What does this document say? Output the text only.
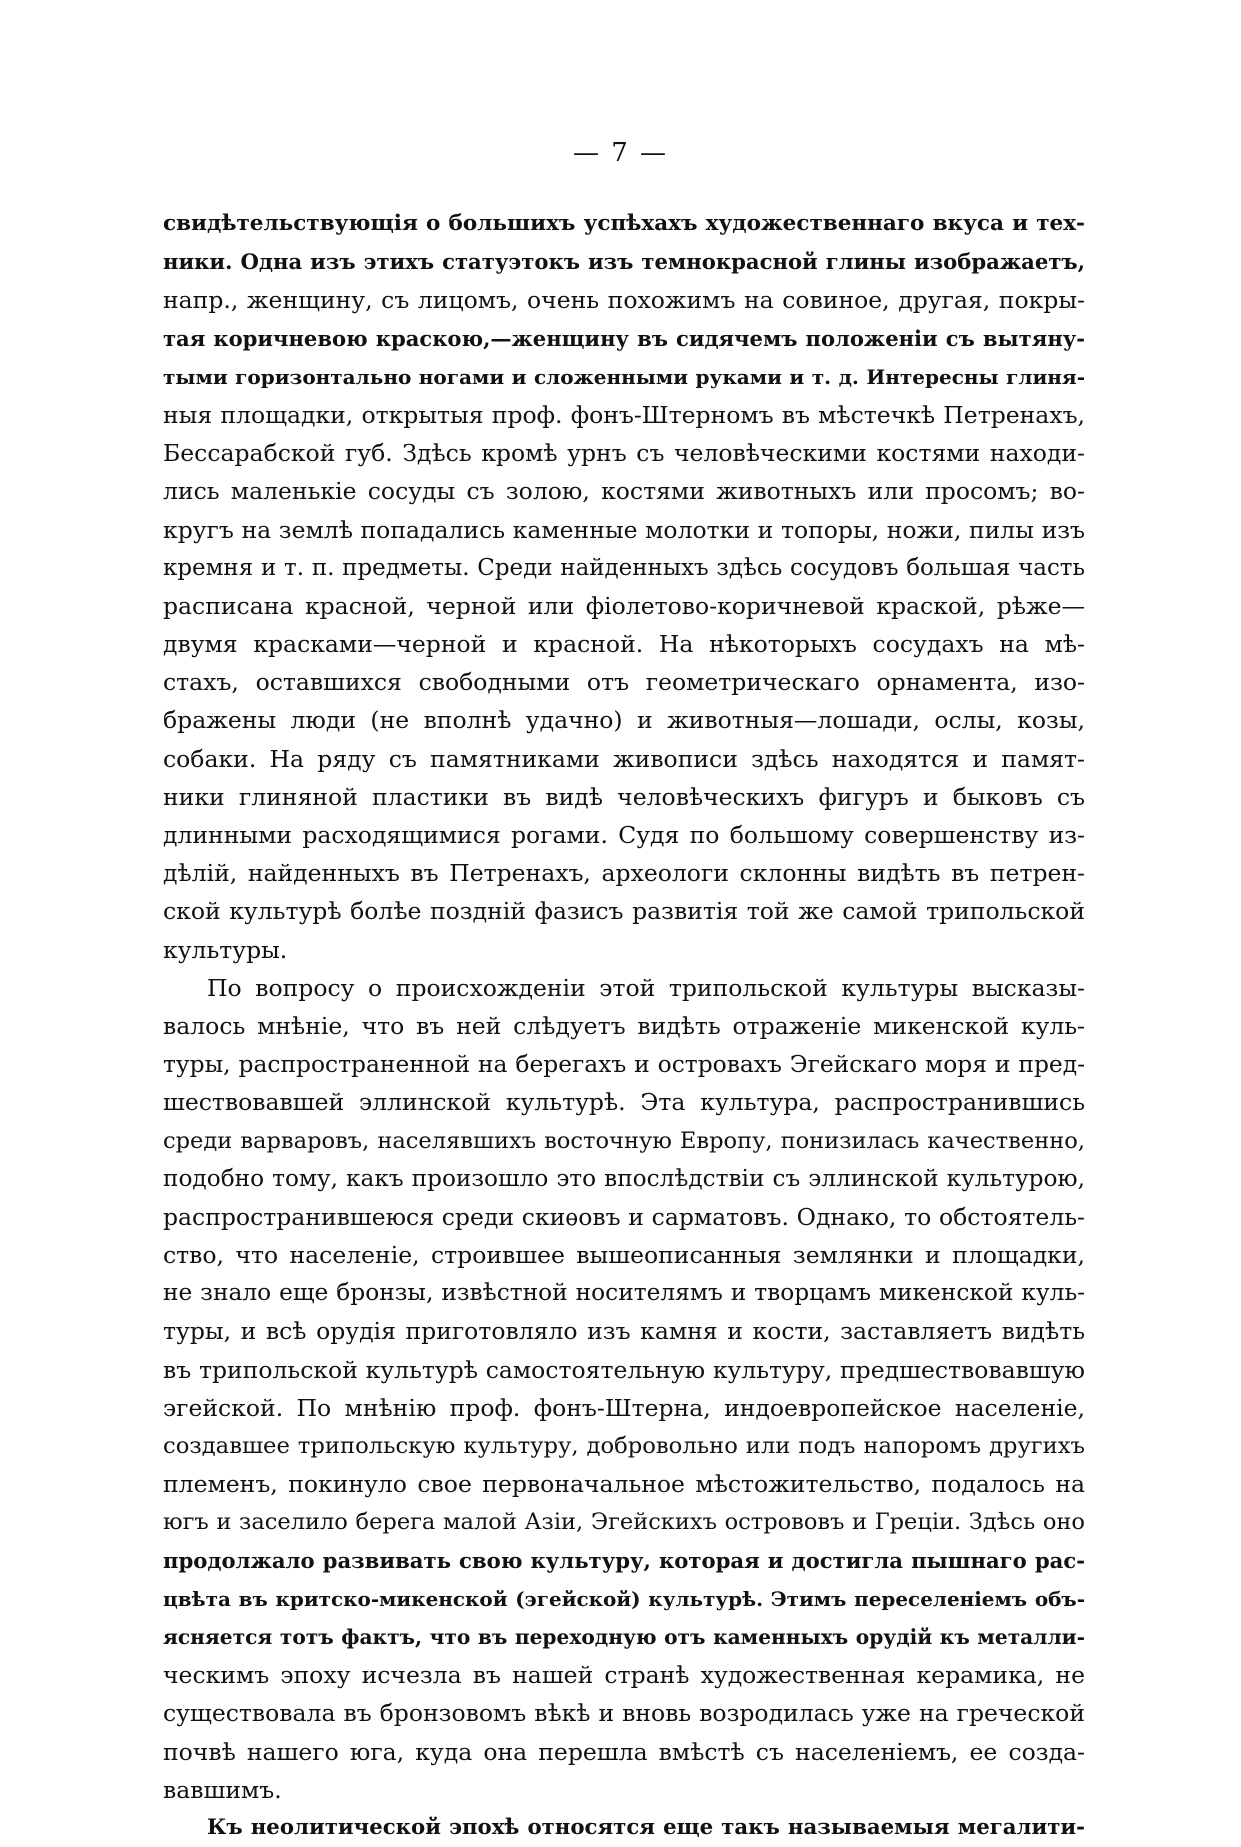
— 7 —
свидѣтельствующія о большихъ успѣхахъ художественнаго вкуса и тех-
ники. Одна изъ этихъ статуэтокъ изъ темнокрасной глины изображаетъ,
напр., женщину, съ лицомъ, очень похожимъ на совиное, другая, покры-
тая коричневою краскою,—женщину въ сидячемъ положеніи съ вытяну-
тыми горизонтально ногами и сложенными руками и т. д. Интересны глиня-
ныя площадки, открытыя проф. фонъ-Штерномъ въ мѣстечкѣ Петренахъ,
Бессарабской губ. Здѣсь кромѣ урнъ съ человѣческими костями находи-
лись маленькіе сосуды съ золою, костями животныхъ или просомъ; во-
кругъ на землѣ попадались каменные молотки и топоры, ножи, пилы изъ
кремня и т. п. предметы. Среди найденныхъ здѣсь сосудовъ большая часть
расписана красной, черной или фіолетово-коричневой краской, рѣже—
двумя красками—черной и красной. На нѣкоторыхъ сосудахъ на мѣ-
стахъ, оставшихся свободными отъ геометрическаго орнамента, изо-
бражены люди (не вполнѣ удачно) и животныя—лошади, ослы, козы,
собаки. На ряду съ памятниками живописи здѣсь находятся и памят-
ники глиняной пластики въ видѣ человѣческихъ фигуръ и быковъ съ
длинными расходящимися рогами. Судя по большому совершенству из-
дѣлій, найденныхъ въ Петренахъ, археологи склонны видѣть въ петрен-
ской культурѣ болѣе поздній фазисъ развитія той же самой трипольской
культуры.
По вопросу о происхожденіи этой трипольской культуры высказы-
валось мнѣніе, что въ ней слѣдуетъ видѣть отраженіе микенской куль-
туры, распространенной на берегахъ и островахъ Эгейскаго моря и пред-
шествовавшей эллинской культурѣ. Эта культура, распространившись
среди варваровъ, населявшихъ восточную Европу, понизилась качественно,
подобно тому, какъ произошло это впослѣдствіи съ эллинской культурою,
распространившеюся среди скиѳовъ и сарматовъ. Однако, то обстоятель-
ство, что населеніе, строившее вышеописанныя землянки и площадки,
не знало еще бронзы, извѣстной носителямъ и творцамъ микенской куль-
туры, и всѣ орудія приготовляло изъ камня и кости, заставляетъ видѣть
въ трипольской культурѣ самостоятельную культуру, предшествовавшую
эгейской. По мнѣнію проф. фонъ-Штерна, индоевропейское населеніе,
создавшее трипольскую культуру, добровольно или подъ напоромъ другихъ
племенъ, покинуло свое первоначальное мѣстожительство, подалось на
югъ и заселило берега малой Азіи, Эгейскихъ острововъ и Греціи. Здѣсь оно
продолжало развивать свою культуру, которая и достигла пышнаго рас-
цвѣта въ критско-микенской (эгейской) культурѣ. Этимъ переселеніемъ объ-
ясняется тотъ фактъ, что въ переходную отъ каменныхъ орудій къ металли-
ческимъ эпоху исчезла въ нашей странѣ художественная керамика, не
существовала въ бронзовомъ вѣкѣ и вновь возродилась уже на греческой
почвѣ нашего юга, куда она перешла вмѣстѣ съ населеніемъ, ее созда-
вавшимъ.
Къ неолитической эпохѣ относятся еще такъ называемыя мегалити-
